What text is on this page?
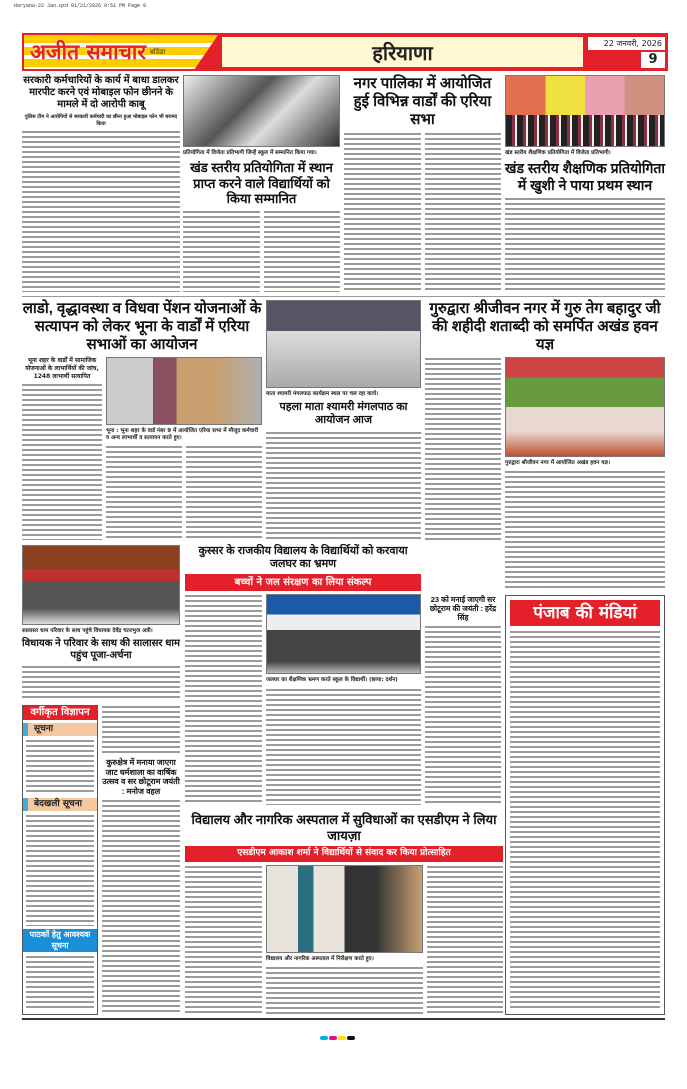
Haryana-22 Jan.qxd 01/21/2026 9:51 PM Page 9
अजीत समाचार बठिंडा	हरियाणा	22 जनवरी, 2026
9
सरकारी कर्मचारियों के कार्य में बाधा डालकर मारपीट करने एवं मोबाइल फोन छीनने के मामले में दो आरोपी काबू
पुलिस टीम ने आरोपियों से सरकारी कर्मचारी का छीना हुआ मोबाइल फोन भी बरामद किया
प्रतियोगिता में विजेता प्रतिभागी जिन्हें स्कूल में सम्मानित किया गया।
खंड स्तरीय प्रतियोगिता में स्थान प्राप्त करने वाले विद्यार्थियों को किया सम्मानित
नगर पालिका में आयोजित हुई विभिन्न वार्डों की एरिया सभा
खंड स्तरीय शैक्षणिक प्रतियोगिता में विजेता प्रतिभागी।
खंड स्तरीय शैक्षणिक प्रतियोगिता में खुशी ने पाया प्रथम स्थान
लाडो, वृद्धावस्था व विधवा पेंशन योजनाओं के सत्यापन को लेकर भूना के वार्डों में एरिया सभाओं का आयोजन
भूना शहर के वार्डों में सामाजिक योजनाओं के लाभार्थियों की जांच, 1248 लाभार्थी सत्यापित
भूना : भूना शहर के वार्ड नंबर 9 में आयोजित एरिया सभा में मौजूद कर्मचारी व अन्य लाभार्थी व सत्यापन करते हुए।
माता श्यामरी मंगलपाठ कार्यक्रम स्थल पर चल रहा कार्य।
पहला माता श्यामरी मंगलपाठ का आयोजन आज
गुरुद्वारा श्रीजीवन नगर में गुरु तेग बहादुर जी की शहीदी शताब्दी को समर्पित अखंड हवन यज्ञ
गुरुद्वारा श्रीजीवन नगर में आयोजित अखंड हवन यज्ञ।
सालासर धाम परिवार के साथ पहुंचे विधायक देवेंद्र चतरभुज अत्री।
विधायक ने परिवार के साथ की सालासर धाम पहुंच पूजा-अर्चना
कुस्सर के राजकीय विद्यालय के विद्यार्थियों को करवाया जलघर का भ्रमण
बच्चों ने जल संरक्षण का लिया संकल्प
जलघर का शैक्षणिक भ्रमण करते स्कूल के विद्यार्थी। (छाया: दर्शन)
23 को मनाई जाएगी सर छोटूराम की जयंती : हरेंद्र सिंह	पंजाब की मंडियां
वर्गीकृत विज्ञापन
सूचना
बेदखली सूचना
पाठकों हेतु आवश्यक सूचना
कुरुक्षेत्र में मनाया जाएगा जाट धर्मशाला का वार्षिक उत्सव व सर छोटूराम जयंती : मनोज वहल
विद्यालय और नागरिक अस्पताल में सुविधाओं का एसडीएम ने लिया जायज़ा
एसडीएम आकाश शर्मा ने विद्यार्थियों से संवाद कर किया प्रोत्साहित
विद्यालय और नागरिक अस्पताल में निरीक्षण करते हुए।
